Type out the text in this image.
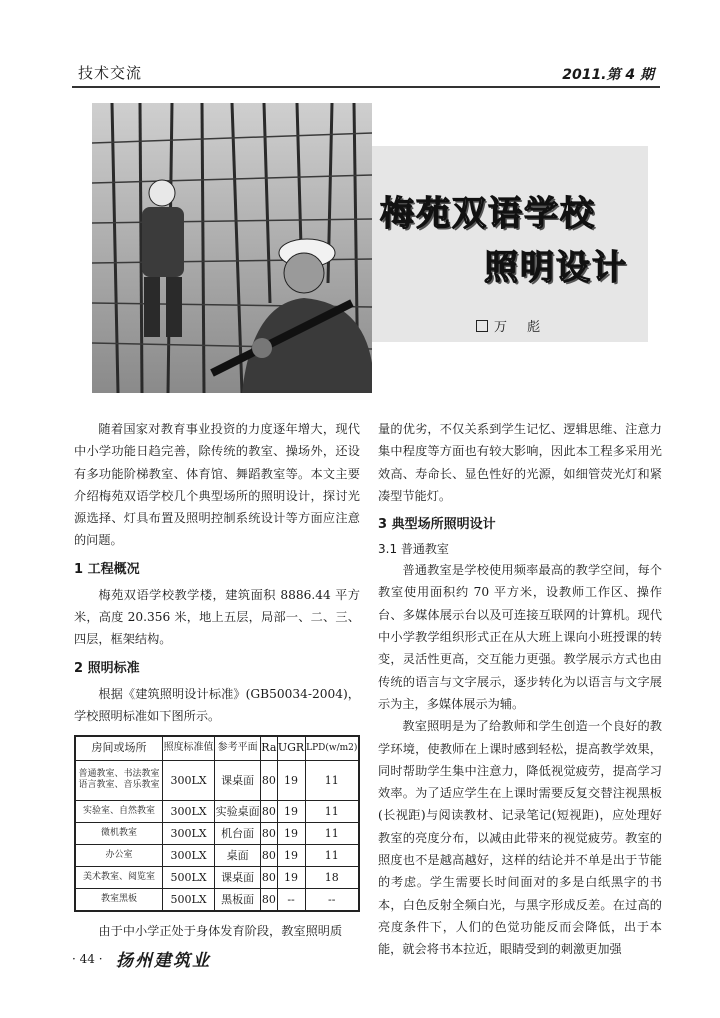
技术交流	2011.第 4 期
梅苑双语学校
照明设计
万 彪

随着国家对教育事业投资的力度逐年增大，现代中小学功能日趋完善，除传统的教室、操场外，还设有多功能阶梯教室、体育馆、舞蹈教室等。本文主要介绍梅苑双语学校几个典型场所的照明设计，探讨光源选择、灯具布置及照明控制系统设计等方面应注意的问题。

1 工程概况

梅苑双语学校教学楼，建筑面积 8886.44 平方米，高度 20.356 米，地上五层，局部一、二、三、四层，框架结构。

2 照明标准

根据《建筑照明设计标准》(GB50034-2004)，学校照明标准如下图所示。

房间或场所	照度标准值	参考平面	Ra	UGR	LPD(w/m2)
普通教室、书法教室 语言教室、音乐教室	300LX	课桌面	80	19	11
实验室、自然教室	300LX	实验桌面	80	19	11
微机教室	300LX	机台面	80	19	11
办公室	300LX	桌面	80	19	11
美术教室、阅览室	500LX	课桌面	80	19	18
教室黑板	500LX	黑板面	80	--	--

由于中小学正处于身体发育阶段，教室照明质

量的优劣，不仅关系到学生记忆、逻辑思维、注意力集中程度等方面也有较大影响，因此本工程多采用光效高、寿命长、显色性好的光源，如细管荧光灯和紧凑型节能灯。

3 典型场所照明设计
3.1 普通教室

普通教室是学校使用频率最高的教学空间，每个教室使用面积约 70 平方米，设教师工作区、操作台、多媒体展示台以及可连接互联网的计算机。现代中小学教学组织形式正在从大班上课向小班授课的转变，灵活性更高，交互能力更强。教学展示方式也由传统的语言与文字展示，逐步转化为以语言与文字展示为主，多媒体展示为辅。

教室照明是为了给教师和学生创造一个良好的教学环境，使教师在上课时感到轻松，提高教学效果，同时帮助学生集中注意力，降低视觉疲劳，提高学习效率。为了适应学生在上课时需要反复交替注视黑板(长视距)与阅读教材、记录笔记(短视距)，应处理好教室的亮度分布，以减由此带来的视觉疲劳。教室的照度也不是越高越好，这样的结论并不单是出于节能的考虑。学生需要长时间面对的多是白纸黑字的书本，白色反射全频白光，与黑字形成反差。在过高的亮度条件下，人们的色觉功能反而会降低，出于本能，就会将书本拉近，眼睛受到的刺激更加强

· 44 · 扬州建筑业
